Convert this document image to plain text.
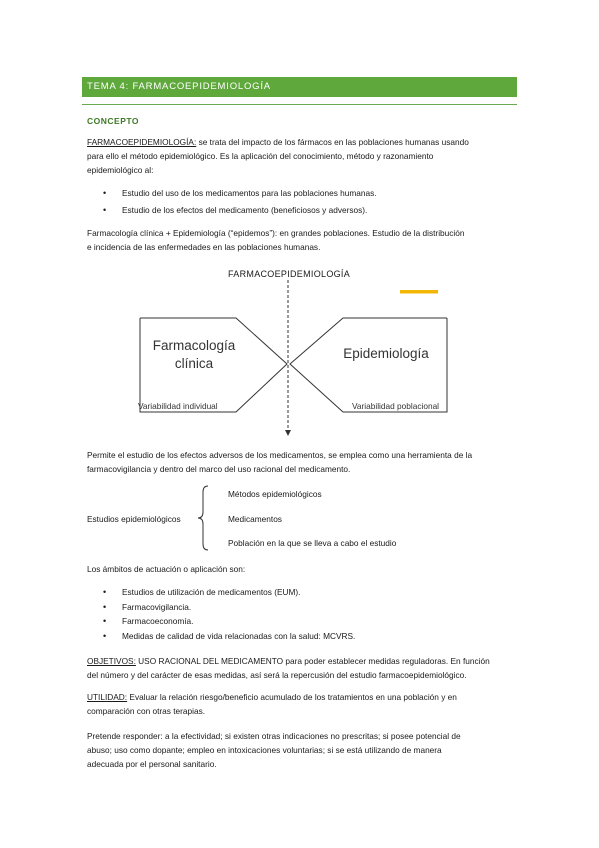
TEMA 4: FARMACOEPIDEMIOLOGÍA
CONCEPTO
FARMACOEPIDEMIOLOGÍA: se trata del impacto de los fármacos en las poblaciones humanas usando
para ello el método epidemiológico. Es la aplicación del conocimiento, método y razonamiento
epidemiológico al:
• Estudio del uso de los medicamentos para las poblaciones humanas.
• Estudio de los efectos del medicamento (beneficiosos y adversos).
Farmacología clínica + Epidemiología (“epidemos”): en grandes poblaciones. Estudio de la distribución
e incidencia de las enfermedades en las poblaciones humanas.
FARMACOEPIDEMIOLOGÍA
Farmacología
clínica
Epidemiología
Variabilidad individual	Variabilidad poblacional
Permite el estudio de los efectos adversos de los medicamentos, se emplea como una herramienta de la
farmacovigilancia y dentro del marco del uso racional del medicamento.
Estudios epidemiológicos
Métodos epidemiológicos
Medicamentos
Población en la que se lleva a cabo el estudio
Los ámbitos de actuación o aplicación son:
• Estudios de utilización de medicamentos (EUM).
• Farmacovigilancia.
• Farmacoeconomía.
• Medidas de calidad de vida relacionadas con la salud: MCVRS.
OBJETIVOS: USO RACIONAL DEL MEDICAMENTO para poder establecer medidas reguladoras. En función
del número y del carácter de esas medidas, así será la repercusión del estudio farmacoepidemiológico.
UTILIDAD: Evaluar la relación riesgo/beneficio acumulado de los tratamientos en una población y en
comparación con otras terapias.
Pretende responder: a la efectividad; si existen otras indicaciones no prescritas; si posee potencial de
abuso; uso como dopante; empleo en intoxicaciones voluntarias; si se está utilizando de manera
adecuada por el personal sanitario.
